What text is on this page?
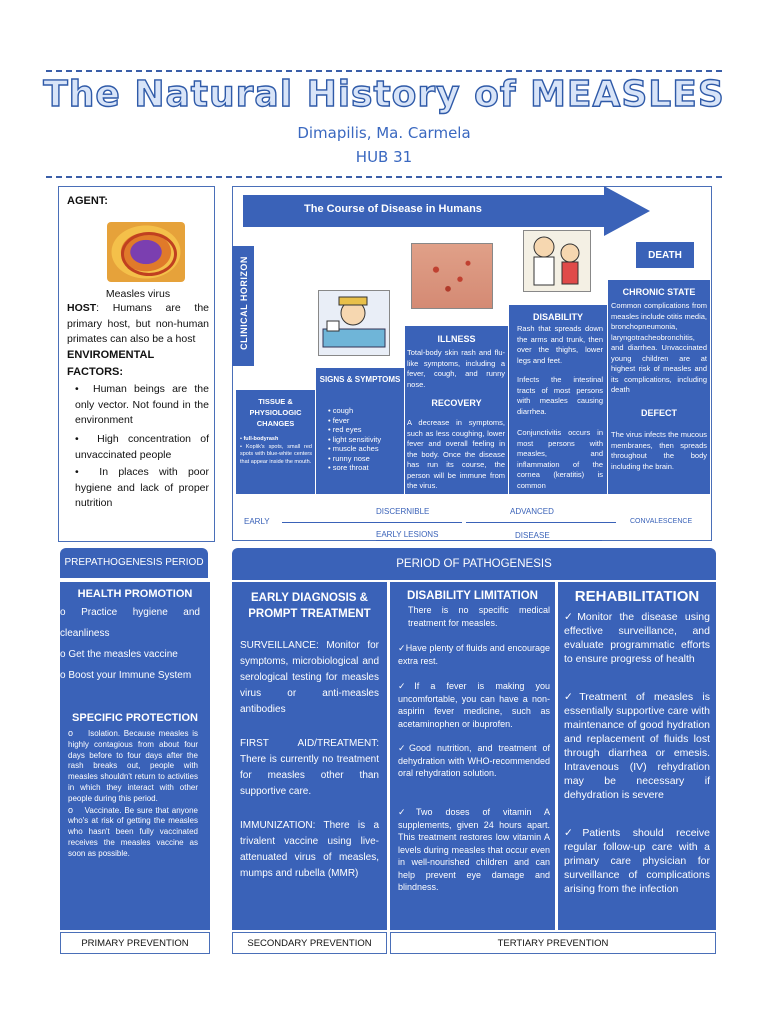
The Natural History of MEASLES
Dimapilis, Ma. Carmela
HUB 31
AGENT:
Measles virus
HOST: Humans are the primary host, but non-human primates can also be a host
ENVIROMENTAL FACTORS:
•  Human beings are the only vector. Not found in the environment
•  High concentration of unvaccinated people
•  In places with poor hygiene and lack of proper nutrition
The Course of Disease in Humans
CLINICAL HORIZON
DEATH
TISSUE & PHYSIOLOGIC CHANGES
• full-bodyrash
• Koplik's spots, small red spots with blue-white centers that appear inside the mouth.
SIGNS & SYMPTOMS
• cough
• fever
• red eyes
• light sensitivity
• muscle aches
• runny nose
• sore throat
ILLNESS
Total-body skin rash and flu-like symptoms, including a fever, cough, and runny nose.
RECOVERY
A decrease in symptoms, such as less coughing, lower fever and overall feeling in the body. Once the disease has run its course, the person will be immune from the virus.
DISABILITY
Rash that spreads down the arms and trunk, then over the thighs, lower legs and feet.
Infects the intestinal tracts of most persons with measles causing diarrhea.
Conjunctivitis occurs in most persons with measles, and inflammation of the cornea (keratitis) is common
CHRONIC STATE
Common complications from measles include otitis media, bronchopneumonia, laryngotracheobronchitis, and diarrhea. Unvaccinated young children are at highest risk of measles and its complications, including death
DEFECT
The virus infects the mucous membranes, then spreads throughout the body including the brain.
EARLY
DISCERNIBLE	ADVANCED
CONVALESCENCE
EARLY LESIONS	DISEASE
PREPATHOGENESIS PERIOD	PERIOD OF PATHOGENESIS
HEALTH PROMOTION
o Practice hygiene and cleanliness
o Get the measles vaccine
o Boost your Immune System
SPECIFIC PROTECTION
o Isolation. Because measles is highly contagious from about four days before to four days after the rash breaks out, people with measles shouldn't return to activities in which they interact with other people during this period.
o Vaccinate. Be sure that anyone who's at risk of getting the measles who hasn't been fully vaccinated receives the measles vaccine as soon as possible.
EARLY DIAGNOSIS & PROMPT TREATMENT
SURVEILLANCE: Monitor for symptoms, microbiological and serological testing for measles virus or anti-measles antibodies
FIRST AID/TREATMENT: There is currently no treatment for measles other than supportive care.
IMMUNIZATION: There is a trivalent vaccine using live-attenuated virus of measles, mumps and rubella (MMR)
DISABILITY LIMITATION
There is no specific medical treatment for measles.
✓Have plenty of fluids and encourage extra rest.
✓If a fever is making you uncomfortable, you can have a non-aspirin fever medicine, such as acetaminophen or ibuprofen.
✓Good nutrition, and treatment of dehydration with WHO-recommended oral rehydration solution.
✓Two doses of vitamin A supplements, given 24 hours apart. This treatment restores low vitamin A levels during measles that occur even in well-nourished children and can help prevent eye damage and blindness.
REHABILITATION
✓Monitor the disease using effective surveillance, and evaluate programmatic efforts to ensure progress of health
✓Treatment of measles is essentially supportive care with maintenance of good hydration and replacement of fluids lost through diarrhea or emesis. Intravenous (IV) rehydration may be necessary if dehydration is severe
✓Patients should receive regular follow-up care with a primary care physician for surveillance of complications arising from the infection
PRIMARY PREVENTION	SECONDARY PREVENTION	TERTIARY PREVENTION
